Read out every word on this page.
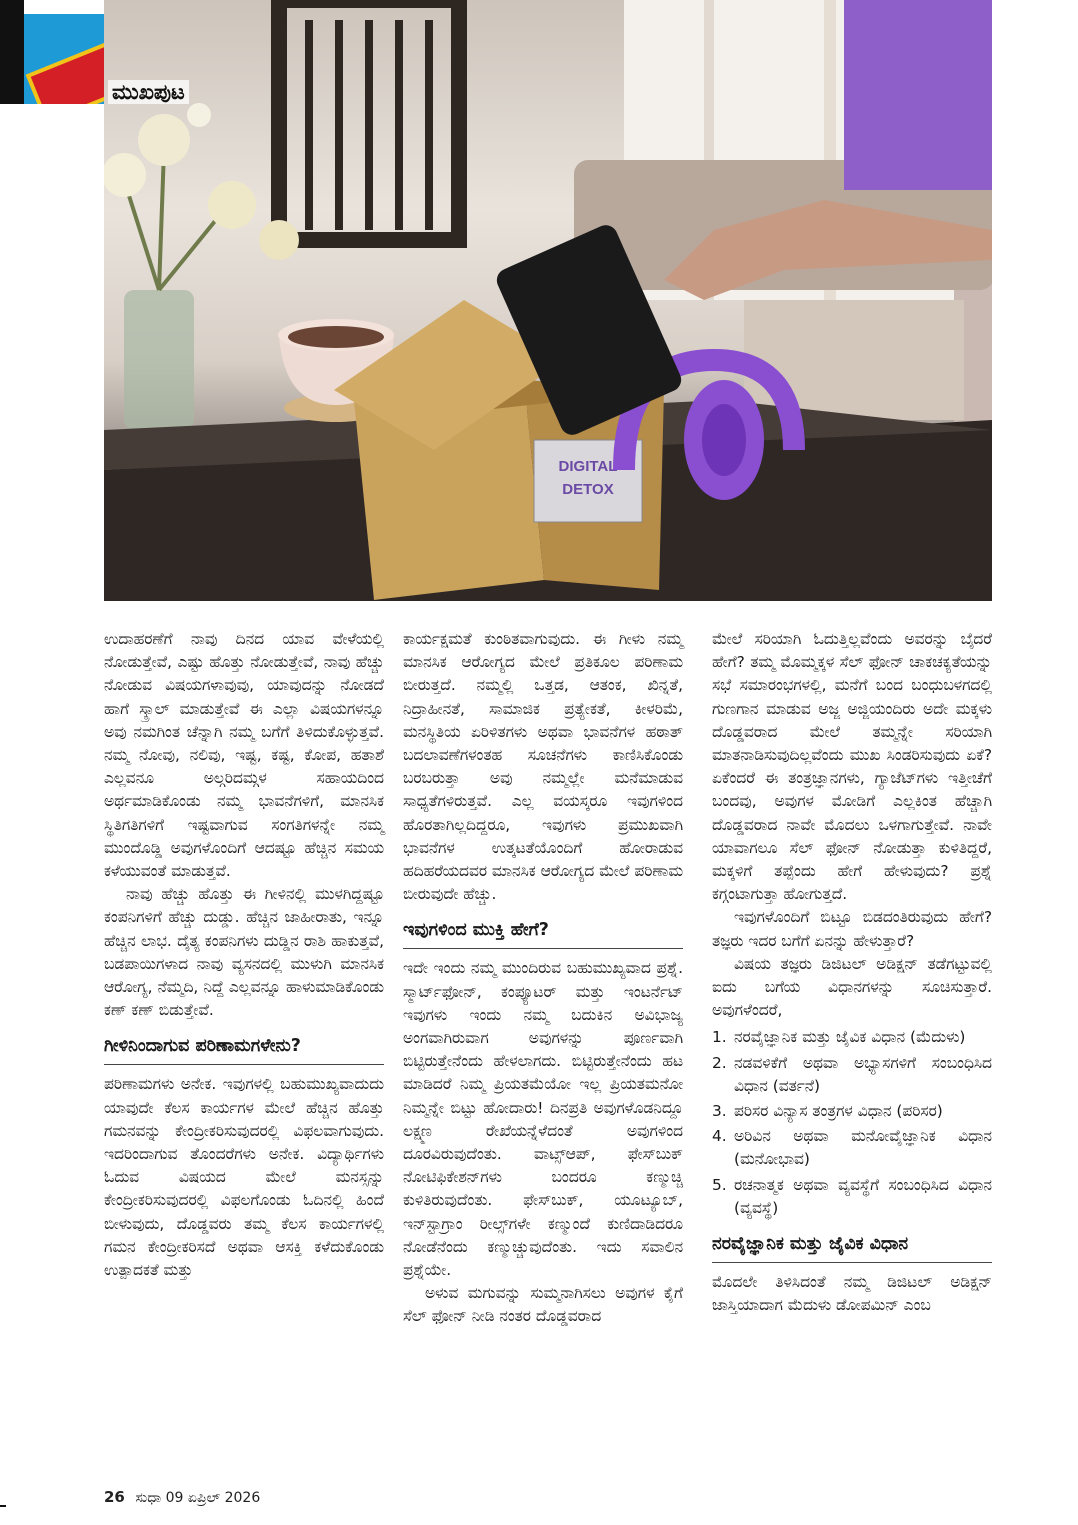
DIGITAL
DETOX
ಮುಖಪುಟ

ಉದಾಹರಣೆಗೆ ನಾವು ದಿನದ ಯಾವ ವೇಳೆಯಲ್ಲಿ ನೋಡುತ್ತೇವೆ, ಎಷ್ಟು ಹೊತ್ತು ನೋಡುತ್ತೇವೆ, ನಾವು ಹೆಚ್ಚು ನೋಡುವ ವಿಷಯಗಳಾವುವು, ಯಾವುದನ್ನು ನೋಡದೆ ಹಾಗೆ ಸ್ಕ್ರಾಲ್ ಮಾಡುತ್ತೇವೆ ಈ ಎಲ್ಲಾ ವಿಷಯಗಳನ್ನೂ ಅವು ನಮಗಿಂತ ಚೆನ್ನಾಗಿ ನಮ್ಮ ಬಗೆಗೆ ತಿಳಿದುಕೊಳ್ಳುತ್ತವೆ. ನಮ್ಮ ನೋವು, ನಲಿವು, ಇಷ್ಟ, ಕಷ್ಟ, ಕೋಪ, ಹತಾಶೆ ಎಲ್ಲವನೂ ಅಲ್ಗರಿದಮ್ಗಳ ಸಹಾಯದಿಂದ ಅರ್ಥಮಾಡಿಕೊಂಡು ನಮ್ಮ ಭಾವನೆಗಳಿಗೆ, ಮಾನಸಿಕ ಸ್ಥಿತಿಗತಿಗಳಿಗೆ ಇಷ್ಟವಾಗುವ ಸಂಗತಿಗಳನ್ನೇ ನಮ್ಮ ಮುಂದೊಡ್ಡಿ ಅವುಗಳೊಂದಿಗೆ ಆದಷ್ಟೂ ಹೆಚ್ಚಿನ ಸಮಯ ಕಳೆಯುವಂತೆ ಮಾಡುತ್ತವೆ.

ನಾವು ಹೆಚ್ಚು ಹೊತ್ತು ಈ ಗೀಳಿನಲ್ಲಿ ಮುಳಗಿದ್ದಷ್ಟೂ ಕಂಪನಿಗಳಿಗೆ ಹೆಚ್ಚು ದುಡ್ಡು. ಹೆಚ್ಚಿನ ಜಾಹೀರಾತು, ಇನ್ನೂ ಹೆಚ್ಚಿನ ಲಾಭ. ದೈತ್ಯ ಕಂಪನಿಗಳು ದುಡ್ಡಿನ ರಾಶಿ ಹಾಕುತ್ತವೆ, ಬಡಪಾಯಿಗಳಾದ ನಾವು ವ್ಯಸನದಲ್ಲಿ ಮುಳುಗಿ ಮಾನಸಿಕ ಆರೋಗ್ಯ, ನೆಮ್ಮದಿ, ನಿದ್ದೆ ಎಲ್ಲವನ್ನೂ ಹಾಳುಮಾಡಿಕೊಂಡು ಕಣ್ ಕಣ್ ಬಿಡುತ್ತೇವೆ.

ಗೀಳಿನಿಂದಾಗುವ ಪರಿಣಾಮಗಳೇನು?

ಪರಿಣಾಮಗಳು ಅನೇಕ. ಇವುಗಳಲ್ಲಿ ಬಹುಮುಖ್ಯವಾದುದು ಯಾವುದೇ ಕೆಲಸ ಕಾರ್ಯಗಳ ಮೇಲೆ ಹೆಚ್ಚಿನ ಹೊತ್ತು ಗಮನವನ್ನು ಕೇಂದ್ರೀಕರಿಸುವುದರಲ್ಲಿ ವಿಫಲವಾಗುವುದು. ಇದರಿಂದಾಗುವ ತೊಂದರೆಗಳು ಅನೇಕ. ವಿದ್ಯಾರ್ಥಿಗಳು ಓದುವ ವಿಷಯದ ಮೇಲೆ ಮನಸ್ಸನ್ನು ಕೇಂದ್ರೀಕರಿಸುವುದರಲ್ಲಿ ವಿಫಲಗೊಂಡು ಓದಿನಲ್ಲಿ ಹಿಂದೆ ಬೀಳುವುದು, ದೊಡ್ಡವರು ತಮ್ಮ ಕೆಲಸ ಕಾರ್ಯಗಳಲ್ಲಿ ಗಮನ ಕೇಂದ್ರೀಕರಿಸದೆ ಅಥವಾ ಆಸಕ್ತಿ ಕಳೆದುಕೊಂಡು ಉತ್ಪಾದಕತೆ ಮತ್ತು

ಕಾರ್ಯಕ್ಷಮತೆ ಕುಂಠಿತವಾಗುವುದು. ಈ ಗೀಳು ನಮ್ಮ ಮಾನಸಿಕ ಆರೋಗ್ಯದ ಮೇಲೆ ಪ್ರತಿಕೂಲ ಪರಿಣಾಮ ಬೀರುತ್ತದೆ. ನಮ್ಮಲ್ಲಿ ಒತ್ತಡ, ಆತಂಕ, ಖಿನ್ನತೆ, ನಿದ್ರಾಹೀನತೆ, ಸಾಮಾಜಿಕ ಪ್ರತ್ಯೇಕತೆ, ಕೀಳರಿಮೆ, ಮನಸ್ಥಿತಿಯ ಏರಿಳಿತಗಳು ಅಥವಾ ಭಾವನೆಗಳ ಹಠಾತ್ ಬದಲಾವಣೆಗಳಂತಹ ಸೂಚನೆಗಳು ಕಾಣಿಸಿಕೊಂಡು ಬರಬರುತ್ತಾ ಅವು ನಮ್ಮಲ್ಲೇ ಮನೆಮಾಡುವ ಸಾಧ್ಯತೆಗಳಿರುತ್ತವೆ. ಎಲ್ಲ ವಯಸ್ಕರೂ ಇವುಗಳಿಂದ ಹೊರತಾಗಿಲ್ಲದಿದ್ದರೂ, ಇವುಗಳು ಪ್ರಮುಖವಾಗಿ ಭಾವನೆಗಳ ಉತ್ಕಟತೆಯೊಂದಿಗೆ ಹೋರಾಡುವ ಹದಿಹರೆಯದವರ ಮಾನಸಿಕ ಆರೋಗ್ಯದ ಮೇಲೆ ಪರಿಣಾಮ ಬೀರುವುದೇ ಹೆಚ್ಚು.

ಇವುಗಳಿಂದ ಮುಕ್ತಿ ಹೇಗೆ?

ಇದೇ ಇಂದು ನಮ್ಮ ಮುಂದಿರುವ ಬಹುಮುಖ್ಯವಾದ ಪ್ರಶ್ನೆ. ಸ್ಮಾರ್ಟ್‌ಫೋನ್, ಕಂಪ್ಯೂಟರ್ ಮತ್ತು ಇಂಟರ್ನೆಟ್ ಇವುಗಳು ಇಂದು ನಮ್ಮ ಬದುಕಿನ ಅವಿಭಾಜ್ಯ ಅಂಗವಾಗಿರುವಾಗ ಅವುಗಳನ್ನು ಪೂರ್ಣವಾಗಿ ಬಿಟ್ಟಿರುತ್ತೇನೆಂದು ಹೇಳಲಾಗದು. ಬಿಟ್ಟಿರುತ್ತೇನೆಂದು ಹಟ ಮಾಡಿದರೆ ನಿಮ್ಮ ಪ್ರಿಯತಮೆಯೋ ಇಲ್ಲ ಪ್ರಿಯತಮನೋ ನಿಮ್ಮನ್ನೇ ಬಿಟ್ಟು ಹೋದಾರು! ದಿನಪ್ರತಿ ಅವುಗಳೊಡನಿದ್ದೂ ಲಕ್ಷ್ಮಣ ರೇಖೆಯನ್ನೆಳೆದಂತೆ ಅವುಗಳಿಂದ ದೂರವಿರುವುದೆಂತು. ವಾಟ್ಸ್ಆಪ್, ಫೇಸ್‌ಬುಕ್ ನೋಟಿಫಿಕೇಶನ್‌ಗಳು ಬಂದರೂ ಕಣ್ಮುಚ್ಚಿ ಕುಳಿತಿರುವುದೆಂತು. ಫೇಸ್‌ಬುಕ್, ಯೂಟ್ಯೂಬ್, ಇನ್‌ಸ್ಟಾಗ್ರಾಂ ರೀಲ್ಸ್‌ಗಳೇ ಕಣ್ಮುಂದೆ ಕುಣಿದಾಡಿದರೂ ನೋಡೆನೆಂದು ಕಣ್ಮುಚ್ಚುವುದೆಂತು. ಇದು ಸವಾಲಿನ ಪ್ರಶ್ನೆಯೇ.

ಅಳುವ ಮಗುವನ್ನು ಸುಮ್ಮನಾಗಿಸಲು ಅವುಗಳ ಕೈಗೆ ಸೆಲ್ ಫೋನ್ ನೀಡಿ ನಂತರ ದೊಡ್ಡವರಾದ

ಮೇಲೆ ಸರಿಯಾಗಿ ಓದುತ್ತಿಲ್ಲವೆಂದು ಅವರನ್ನು ಬೈದರೆ ಹೇಗೆ? ತಮ್ಮ ಮೊಮ್ಮಕ್ಕಳ ಸೆಲ್ ಫೋನ್ ಚಾಕಚಕ್ಯತೆಯನ್ನು ಸಭೆ ಸಮಾರಂಭಗಳಲ್ಲಿ, ಮನೆಗೆ ಬಂದ ಬಂಧುಬಳಗದಲ್ಲಿ ಗುಣಗಾನ ಮಾಡುವ ಅಜ್ಜ ಅಜ್ಜಿಯಂದಿರು ಅದೇ ಮಕ್ಕಳು ದೊಡ್ಡವರಾದ ಮೇಲೆ ತಮ್ಮನ್ನೇ ಸರಿಯಾಗಿ ಮಾತನಾಡಿಸುವುದಿಲ್ಲವೆಂದು ಮುಖ ಸಿಂಡರಿಸುವುದು ಏಕೆ? ಏಕೆಂದರೆ ಈ ತಂತ್ರಜ್ಞಾನಗಳು, ಗ್ಯಾಜೆಟ್‌ಗಳು ಇತ್ತೀಚೆಗೆ ಬಂದವು, ಅವುಗಳ ಮೋಡಿಗೆ ಎಲ್ಲಕಿಂತ ಹೆಚ್ಚಾಗಿ ದೊಡ್ಡವರಾದ ನಾವೇ ಮೊದಲು ಒಳಗಾಗುತ್ತೇವೆ. ನಾವೇ ಯಾವಾಗಲೂ ಸೆಲ್ ಫೋನ್ ನೋಡುತ್ತಾ ಕುಳಿತಿದ್ದರೆ, ಮಕ್ಕಳಿಗೆ ತಪ್ಪೆಂದು ಹೇಗೆ ಹೇಳುವುದು? ಪ್ರಶ್ನೆ ಕಗ್ಗಂಟಾಗುತ್ತಾ ಹೋಗುತ್ತದೆ.

ಇವುಗಳೊಂದಿಗೆ ಬಿಟ್ಟೂ ಬಿಡದಂತಿರುವುದು ಹೇಗೆ? ತಜ್ಞರು ಇದರ ಬಗೆಗೆ ಏನನ್ನು ಹೇಳುತ್ತಾರೆ?

ವಿಷಯ ತಜ್ಞರು ಡಿಜಿಟಲ್ ಅಡಿಕ್ಷನ್ ತಡೆಗಟ್ಟುವಲ್ಲಿ ಐದು ಬಗೆಯ ವಿಧಾನಗಳನ್ನು ಸೂಚಿಸುತ್ತಾರೆ. ಅವುಗಳೆಂದರೆ,

1. ನರವೈಜ್ಞಾನಿಕ ಮತ್ತು ಜೈವಿಕ ವಿಧಾನ (ಮೆದುಳು)
2. ನಡವಳಿಕೆಗೆ ಅಥವಾ ಅಭ್ಯಾಸಗಳಿಗೆ ಸಂಬಂಧಿಸಿದ ವಿಧಾನ (ವರ್ತನೆ)
3. ಪರಿಸರ ವಿನ್ಯಾಸ ತಂತ್ರಗಳ ವಿಧಾನ (ಪರಿಸರ)
4. ಅರಿವಿನ ಅಥವಾ ಮನೋವೈಜ್ಞಾನಿಕ ವಿಧಾನ (ಮನೋಭಾವ)
5. ರಚನಾತ್ಮಕ ಅಥವಾ ವ್ಯವಸ್ಥೆಗೆ ಸಂಬಂಧಿಸಿದ ವಿಧಾನ (ವ್ಯವಸ್ಥೆ)
ನರವೈಜ್ಞಾನಿಕ ಮತ್ತು ಜೈವಿಕ ವಿಧಾನ

ಮೊದಲೇ ತಿಳಿಸಿದಂತೆ ನಮ್ಮ ಡಿಜಿಟಲ್ ಅಡಿಕ್ಷನ್ ಜಾಸ್ತಿಯಾದಾಗ ಮೆದುಳು ಡೋಪಮಿನ್ ಎಂಬ

26 ಸುಧಾ 09 ಏಪ್ರಿಲ್ 2026
